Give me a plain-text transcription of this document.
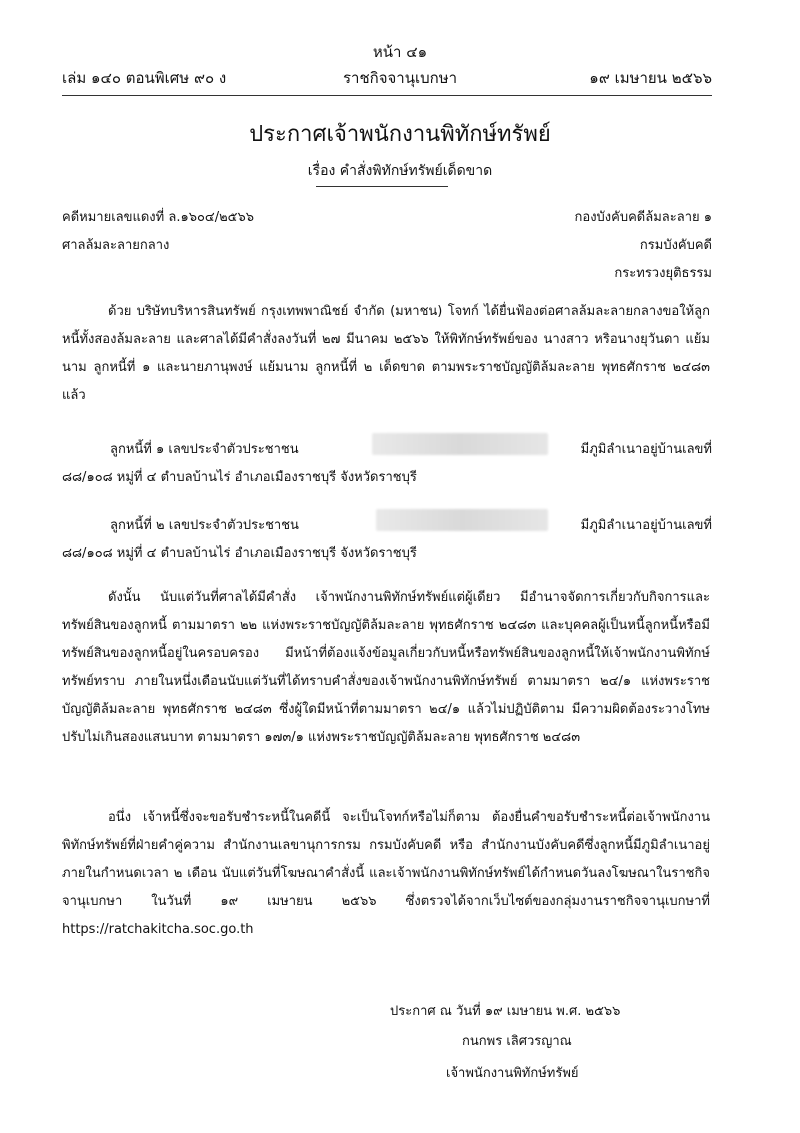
หน้า ๔๑
เล่ม ๑๔๐ ตอนพิเศษ ๙๐ ง	ราชกิจจานุเบกษา	๑๙ เมษายน ๒๕๖๖
ประกาศเจ้าพนักงานพิทักษ์ทรัพย์
เรื่อง คำสั่งพิทักษ์ทรัพย์เด็ดขาด
คดีหมายเลขแดงที่ ล.๑๖๐๔/๒๕๖๖
ศาลล้มละลายกลาง
กองบังคับคดีล้มละลาย ๑
กรมบังคับคดี
กระทรวงยุติธรรม
ด้วย บริษัทบริหารสินทรัพย์ กรุงเทพพาณิชย์ จำกัด (มหาชน) โจทก์ ได้ยื่นฟ้องต่อศาลล้มละลายกลางขอให้ลูกหนี้ทั้งสองล้มละลาย และศาลได้มีคำสั่งลงวันที่ ๒๗ มีนาคม ๒๕๖๖ ให้พิทักษ์ทรัพย์ของ นางสาว หริอนางยุวันดา แย้มนาม ลูกหนี้ที่ ๑ และนายภานุพงษ์ แย้มนาม ลูกหนี้ที่ ๒ เด็ดขาด ตามพระราชบัญญัติล้มละลาย พุทธศักราช ๒๔๘๓ แล้ว
ลูกหนี้ที่ ๑ เลขประจำตัวประชาชน	มีภูมิลำเนาอยู่บ้านเลขที่
๘๘/๑๐๘ หมู่ที่ ๔ ตำบลบ้านไร่ อำเภอเมืองราชบุรี จังหวัดราชบุรี
ลูกหนี้ที่ ๒ เลขประจำตัวประชาชน	มีภูมิลำเนาอยู่บ้านเลขที่
๘๘/๑๐๘ หมู่ที่ ๔ ตำบลบ้านไร่ อำเภอเมืองราชบุรี จังหวัดราชบุรี
ดังนั้น นับแต่วันที่ศาลได้มีคำสั่ง เจ้าพนักงานพิทักษ์ทรัพย์แต่ผู้เดียว มีอำนาจจัดการเกี่ยวกับกิจการและทรัพย์สินของลูกหนี้ ตามมาตรา ๒๒ แห่งพระราชบัญญัติล้มละลาย พุทธศักราช ๒๔๘๓ และบุคคลผู้เป็นหนี้ลูกหนี้หรือมีทรัพย์สินของลูกหนี้อยู่ในครอบครอง มีหน้าที่ต้องแจ้งข้อมูลเกี่ยวกับหนี้หรือทรัพย์สินของลูกหนี้ให้เจ้าพนักงานพิทักษ์ทรัพย์ทราบ ภายในหนึ่งเดือนนับแต่วันที่ได้ทราบคำสั่งของเจ้าพนักงานพิทักษ์ทรัพย์ ตามมาตรา ๒๔/๑ แห่งพระราชบัญญัติล้มละลาย พุทธศักราช ๒๔๘๓ ซึ่งผู้ใดมีหน้าที่ตามมาตรา ๒๔/๑ แล้วไม่ปฏิบัติตาม มีความผิดต้องระวางโทษปรับไม่เกินสองแสนบาท ตามมาตรา ๑๗๓/๑ แห่งพระราชบัญญัติล้มละลาย พุทธศักราช ๒๔๘๓
อนึ่ง เจ้าหนี้ซึ่งจะขอรับชำระหนี้ในคดีนี้ จะเป็นโจทก์หรือไม่ก็ตาม ต้องยื่นคำขอรับชำระหนี้ต่อเจ้าพนักงานพิทักษ์ทรัพย์ที่ฝ่ายคำคู่ความ สำนักงานเลขานุการกรม กรมบังคับคดี หรือ สำนักงานบังคับคดีซึ่งลูกหนี้มีภูมิลำเนาอยู่ ภายในกำหนดเวลา ๒ เดือน นับแต่วันที่โฆษณาคำสั่งนี้ และเจ้าพนักงานพิทักษ์ทรัพย์ได้กำหนดวันลงโฆษณาในราชกิจจานุเบกษา ในวันที่ ๑๙ เมษายน ๒๕๖๖ ซึ่งตรวจได้จากเว็บไซต์ของกลุ่มงานราชกิจจานุเบกษาที่ https://ratchakitcha.soc.go.th
ประกาศ ณ วันที่ ๑๙ เมษายน พ.ศ. ๒๕๖๖
กนกพร เลิศวรญาณ
เจ้าพนักงานพิทักษ์ทรัพย์
